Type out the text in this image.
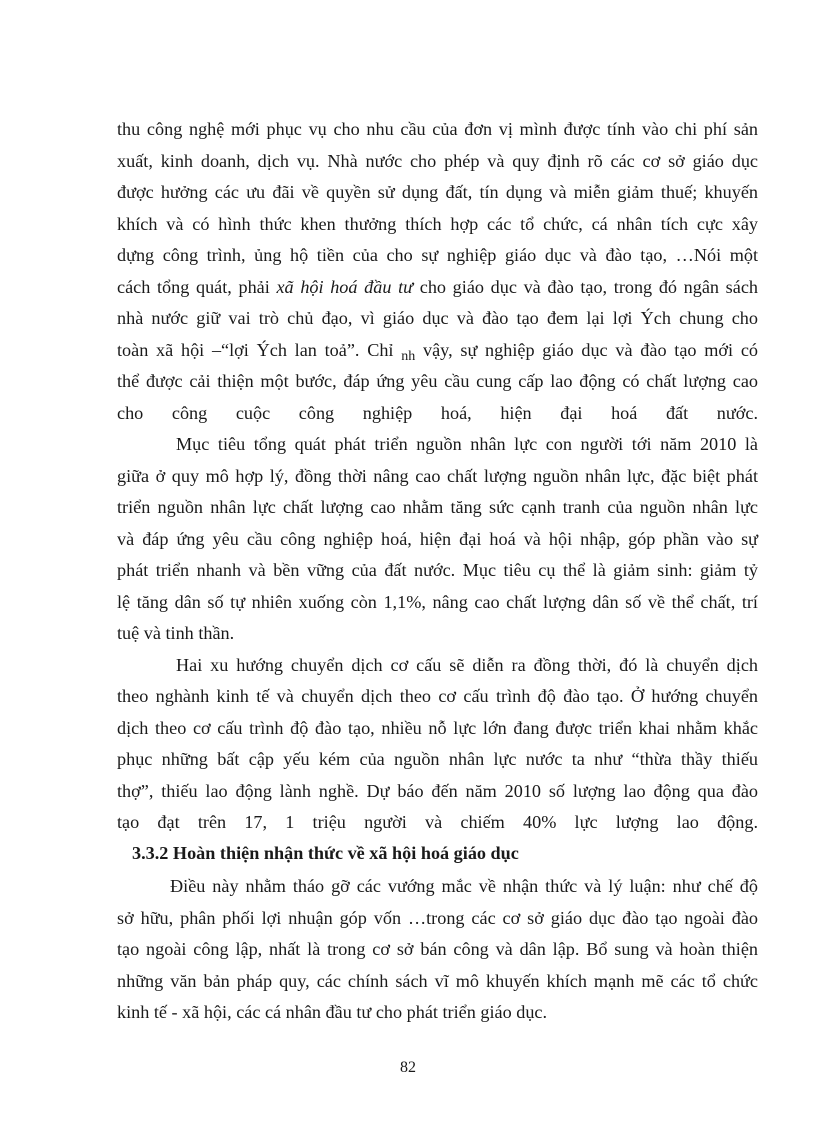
thu công nghệ mới phục vụ cho nhu cầu của đơn vị mình được tính vào chi phí sản
xuất, kinh doanh, dịch vụ. Nhà nước cho phép và quy định rõ các cơ sở giáo dục
được hưởng các ưu đãi về quyền sử dụng đất, tín dụng và miễn giảm thuế; khuyến
khích và có hình thức khen thưởng thích hợp các tổ chức, cá nhân tích cực xây
dựng công trình, ủng hộ tiền của cho sự nghiệp giáo dục và đào tạo, …Nói một
cách tổng quát, phải xã hội hoá đầu tư cho giáo dục và đào tạo, trong đó ngân sách
nhà nước giữ vai trò chủ đạo, vì giáo dục và đào tạo đem lại lợi Ých chung cho
toàn xã hội –“lợi Ých lan toả”. Chỉ $_{nh}$ vậy, sự nghiệp giáo dục và đào tạo mới có
thể được cải thiện một bước, đáp ứng yêu cầu cung cấp lao động có chất lượng cao
cho công cuộc công nghiệp hoá, hiện đại hoá đất nước.
Mục tiêu tổng quát phát triển nguồn nhân lực con người tới năm 2010 là
giữa ở quy mô hợp lý, đồng thời nâng cao chất lượng nguồn nhân lực, đặc biệt phát
triển nguồn nhân lực chất lượng cao nhằm tăng sức cạnh tranh của nguồn nhân lực
và đáp ứng yêu cầu công nghiệp hoá, hiện đại hoá và hội nhập, góp phần vào sự
phát triển nhanh và bền vững của đất nước. Mục tiêu cụ thể là giảm sinh: giảm tỷ
lệ tăng dân số tự nhiên xuống còn 1,1%, nâng cao chất lượng dân số về thể chất, trí
tuệ và tinh thần.
Hai xu hướng chuyển dịch cơ cấu sẽ diễn ra đồng thời, đó là chuyển dịch
theo nghành kinh tế và chuyển dịch theo cơ cấu trình độ đào tạo. Ở hướng chuyển
dịch theo cơ cấu trình độ đào tạo, nhiều nỗ lực lớn đang được triển khai nhằm khắc
phục những bất cập yếu kém của nguồn nhân lực nước ta như “thừa thầy thiếu
thợ”, thiếu lao động lành nghề. Dự báo đến năm 2010 số lượng lao động qua đào
tạo đạt trên 17, 1 triệu người và chiếm 40% lực lượng lao động.
3.3.2 Hoàn thiện nhận thức về xã hội hoá giáo dục
Điều này nhằm tháo gỡ các vướng mắc về nhận thức và lý luận: như chế độ
sở hữu, phân phối lợi nhuận góp vốn …trong các cơ sở giáo dục đào tạo ngoài đào
tạo ngoài công lập, nhất là trong cơ sở bán công và dân lập. Bổ sung và hoàn thiện
những văn bản pháp quy, các chính sách vĩ mô khuyến khích mạnh mẽ các tổ chức
kinh tế - xã hội, các cá nhân đầu tư cho phát triển giáo dục.
82
